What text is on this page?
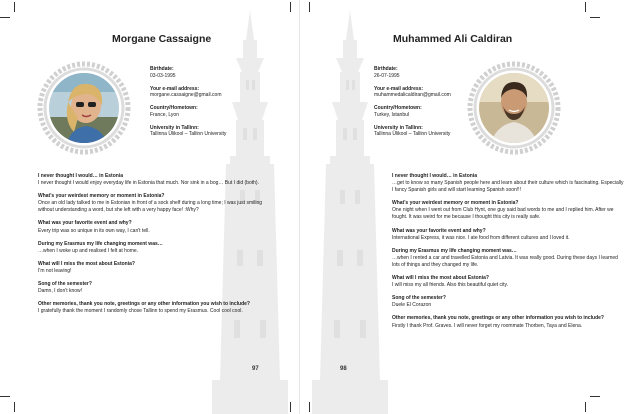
Morgane Cassaigne
Birthdate:
03-03-1995
Your e-mail address:
morgane.cassaigne@gmail.com
Country/Hometown:
France, Lyon
University in Tallinn:
Tallinna Ülikool – Tallinn University
I never thought I would… in Estonia
I never thought I would enjoy everyday life in Estonia that much. Nor sink in a bog… But I did (both).
What's your weirdest memory or moment in Estonia?
Once an old lady talked to me in Estonian in front of a sock shelf during a long time; I was just smiling without understanding a word, but she left with a very happy face! :Why?
What was your favorite event and why?
Every trip was so unique in its own way, I can't tell.
During my Erasmus my life changing moment was…
…when I woke up and realised I felt at home.
What will I miss the most about Estonia?
I'm not leaving!
Song of the semester?
Damn, I don't know!
Other memories, thank you note, greetings or any other information you wish to include?
I gratefully thank the moment I randomly chose Tallinn to spend my Erasmus. Cool cool cool.
97
Muhammed Ali Caldiran
Birthdate:
26-07-1995
Your e-mail address:
muhammedalicaldiran@gmail.com
Country/Hometown:
Turkey, Istanbul
University in Tallinn:
Tallinna Ülikool – Tallinn University
I never thought I would… in Estonia
…get to know so many Spanish people here and learn about their culture which is fascinating. Especially I fancy Spanish girls and will start learning Spanish soon!!!
What's your weirdest memory or moment in Estonia?
One night when I went out from Club Hynt, one guy said bad words to me and I replied him. After we fought. It was weird for me because I thought this city is really safe.
What was your favorite event and why?
International Express, it was nice. I ate food from different cultures and I loved it.
During my Erasmus my life changing moment was…
…when I rented a car and travelled Estonia and Latvia. It was really good. During these days I learned lots of things and they changed my life.
What will I miss the most about Estonia?
I will miss my all friends. Also this beautiful quiet city.
Song of the semester?
Duele El Corazon
Other memories, thank you note, greetings or any other information you wish to include?
Firstly I thank Prof. Graves. I will never forget my roommate Thorben, Taya and Elena.
98
